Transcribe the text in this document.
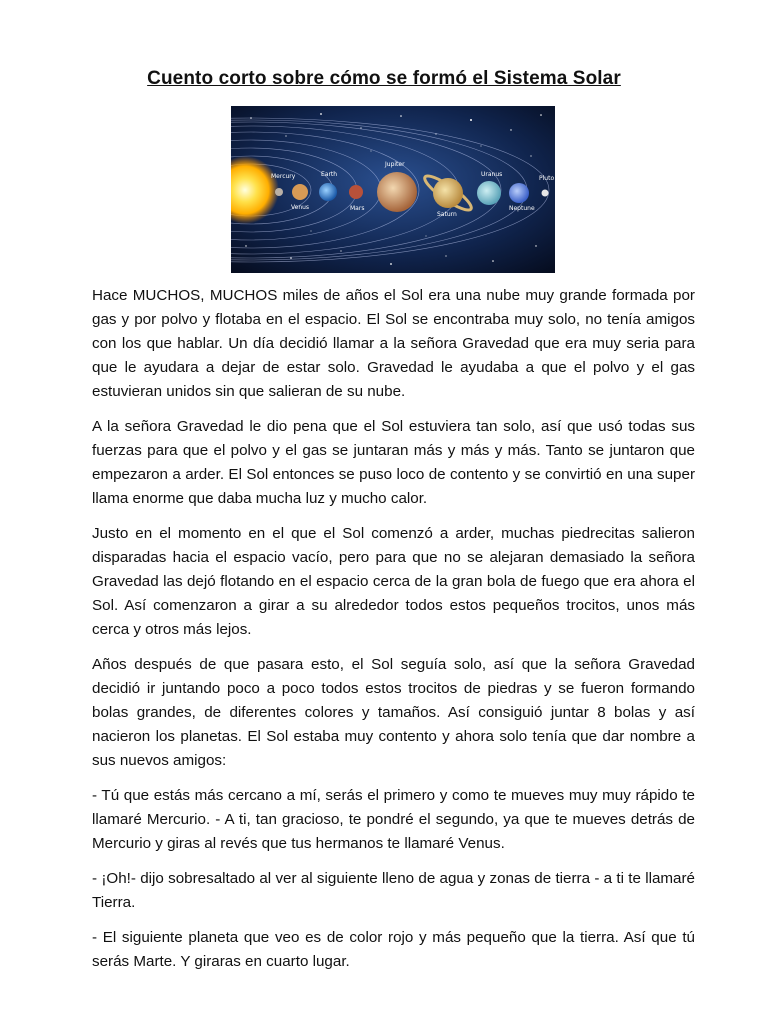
Cuento corto sobre cómo se formó el Sistema Solar
Mercury	Earth
Jupiter
Uranus
Pluto
Venus	Mars
Saturn
Neptune

Hace MUCHOS, MUCHOS miles de años el Sol era una nube muy grande formada por gas y por polvo y flotaba en el espacio. El Sol se encontraba muy solo, no tenía amigos con los que hablar. Un día decidió llamar a la señora Gravedad que era muy seria para que le ayudara a dejar de estar solo. Gravedad le ayudaba a que el polvo y el gas estuvieran unidos sin que salieran de su nube.

A la señora Gravedad le dio pena que el Sol estuviera tan solo, así que usó todas sus fuerzas para que el polvo y el gas se juntaran más y más y más. Tanto se juntaron que empezaron a arder. El Sol entonces se puso loco de contento y se convirtió en una super llama enorme que daba mucha luz y mucho calor.

Justo en el momento en el que el Sol comenzó a arder, muchas piedrecitas salieron disparadas hacia el espacio vacío, pero para que no se alejaran demasiado la señora Gravedad las dejó flotando en el espacio cerca de la gran bola de fuego que era ahora el Sol. Así comenzaron a girar a su alrededor todos estos pequeños trocitos, unos más cerca y otros más lejos.

Años después de que pasara esto, el Sol seguía solo, así que la señora Gravedad decidió ir juntando poco a poco todos estos trocitos de piedras y se fueron formando bolas grandes, de diferentes colores y tamaños. Así consiguió juntar 8 bolas y así nacieron los planetas. El Sol estaba muy contento y ahora solo tenía que dar nombre a sus nuevos amigos:

- Tú que estás más cercano a mí, serás el primero y como te mueves muy muy rápido te llamaré Mercurio. - A ti, tan gracioso, te pondré el segundo, ya que te mueves detrás de Mercurio y giras al revés que tus hermanos te llamaré Venus.

- ¡Oh!- dijo sobresaltado al ver al siguiente lleno de agua y zonas de tierra - a ti te llamaré Tierra.

- El siguiente planeta que veo es de color rojo y más pequeño que la tierra. Así que tú serás Marte. Y giraras en cuarto lugar.
